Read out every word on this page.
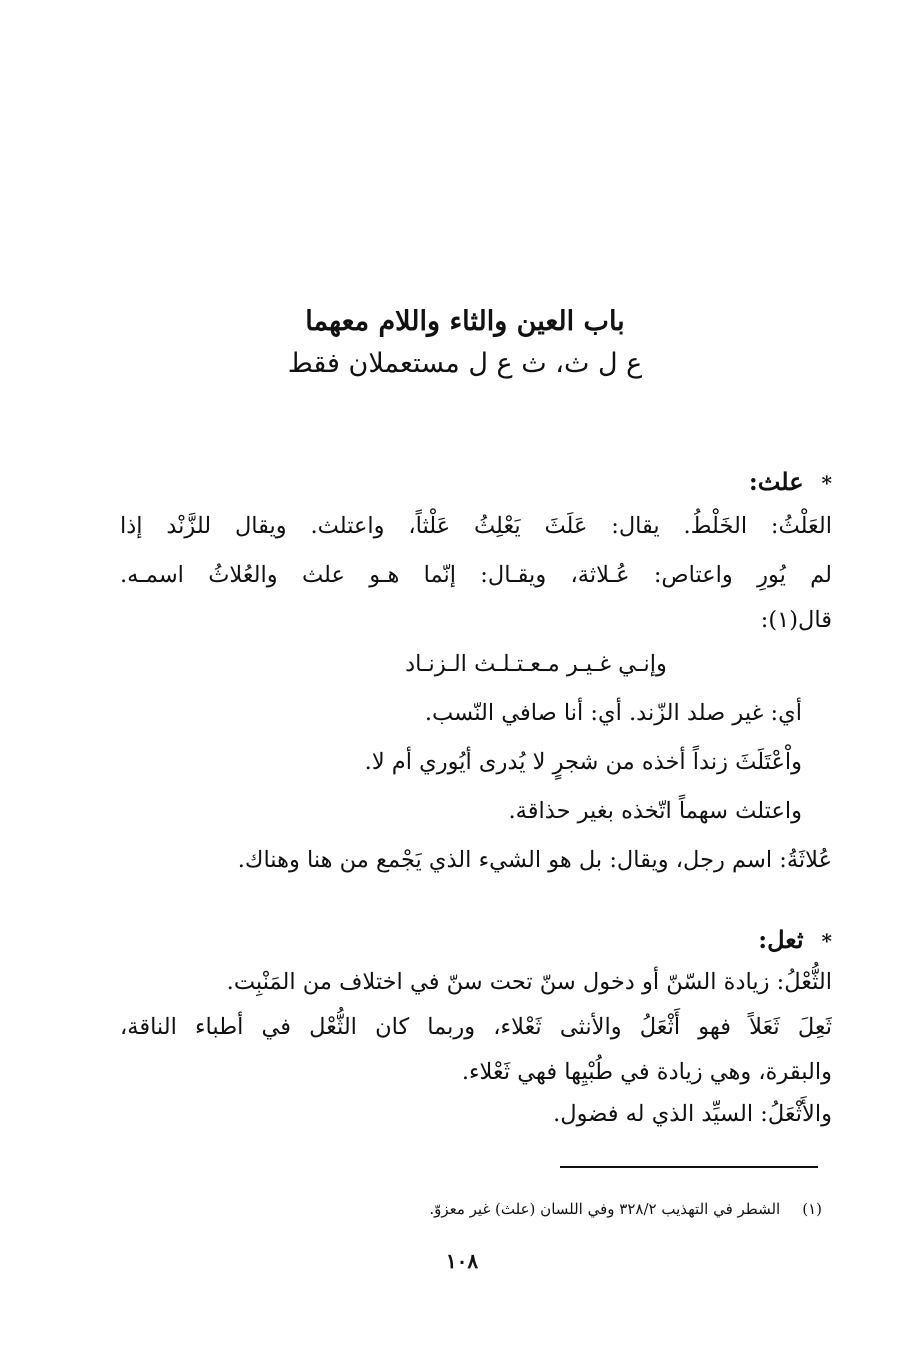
باب العين والثاء واللام معهما
ع ل ث، ث ع ل مستعملان فقط
*علث:
العَلْثُ: الخَلْطُ. يقال: عَلَثَ يَعْلِثُ عَلْثاً، واعتلث. ويقال للزَّنْد إذا
لم يُورِ واعتاص: عُـلاثة، ويقـال: إنّما هـو علث والعُلاثُ اسمـه.
قال(١):
وإنـي غـيـر مـعـتـلـث الـزنـاد
أي: غير صلد الزّند. أي: أنا صافي النّسب.
واْعْتَلَثَ زنداً أخذه من شجرٍ لا يُدرى أيُوري أم لا.
واعتلث سهماً اتّخذه بغير حذاقة.
عُلاثَةُ: اسم رجل، ويقال: بل هو الشيء الذي يَجْمع من هنا وهناك.
*ثعل:
الثُّعْلُ: زيادة السّنّ أو دخول سنّ تحت سنّ في اختلاف من المَنْبِت.
ثَعِلَ ثَعَلاً فهو أَثْعَلُ والأنثى ثَعْلاء، وربما كان الثُّعْل في أطباء الناقة،
والبقرة، وهي زيادة في طُبْيِها فهي ثَعْلاء.
والأَثْعَلُ: السيِّد الذي له فضول.
(١)الشطر في التهذيب ٣٢٨/٢ وفي اللسان (علث) غير معزوّ.
١٠٨
